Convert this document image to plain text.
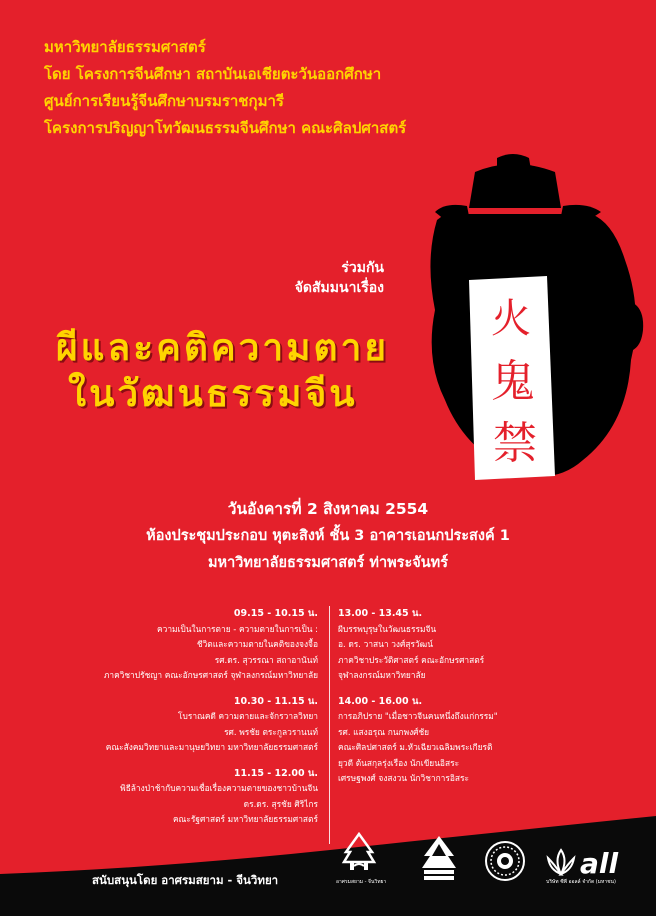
มหาวิทยาลัยธรรมศาสตร์
โดย โครงการจีนศึกษา สถาบันเอเชียตะวันออกศึกษา
ศูนย์การเรียนรู้จีนศึกษาบรมราชกุมารี
โครงการปริญญาโทวัฒนธรรมจีนศึกษา คณะศิลปศาสตร์
火
鬼
禁
ร่วมกัน
จัดสัมมนาเรื่อง
ผีและคติความตาย
ในวัฒนธรรมจีน
วันอังคารที่ 2 สิงหาคม 2554
ห้องประชุมประกอบ หุตะสิงห์ ชั้น 3 อาคารเอนกประสงค์ 1
มหาวิทยาลัยธรรมศาสตร์ ท่าพระจันทร์
09.15 - 10.15 น.
ความเป็นในการตาย - ความตายในการเป็น :
ชีวิตและความตายในคติของจงจื้อ
รศ.ดร. สุวรรณา สถาอานันท์
ภาควิชาปรัชญา คณะอักษรศาสตร์ จุฬาลงกรณ์มหาวิทยาลัย
10.30 - 11.15 น.
โบราณคดี ความตายและจักรวาลวิทยา
รศ. พรชัย ตระกูลวรานนท์
คณะสังคมวิทยาและมานุษยวิทยา มหาวิทยาลัยธรรมศาสตร์
11.15 - 12.00 น.
พิธีล้างป่าช้ากับความเชื่อเรื่องความตายของชาวบ้านจีน
ดร.ดร. สุรชัย ศิริไกร
คณะรัฐศาสตร์ มหาวิทยาลัยธรรมศาสตร์
13.00 - 13.45 น.
ผีบรรพบุรุษในวัฒนธรรมจีน
อ. ดร. วาสนา วงศ์สุรวัฒน์
ภาควิชาประวัติศาสตร์ คณะอักษรศาสตร์
จุฬาลงกรณ์มหาวิทยาลัย
14.00 - 16.00 น.
การอภิปราย "เมื่อชาวจีนคนหนึ่งถึงแก่กรรม"
รศ. แสงอรุณ กนกพงศ์ชัย
คณะศิลปศาสตร์ ม.หัวเฉียวเฉลิมพระเกียรติ
ยุวดี ต้นสกุลรุ่งเรือง นักเขียนอิสระ
เศรษฐพงศ์ จงสงวน นักวิชาการอิสระ
สนับสนุนโดย อาศรมสยาม - จีนวิทยา	อาศรมสยาม - จีนวิทยา
all
บริษัท ซีพี ออลล์ จำกัด (มหาชน)
